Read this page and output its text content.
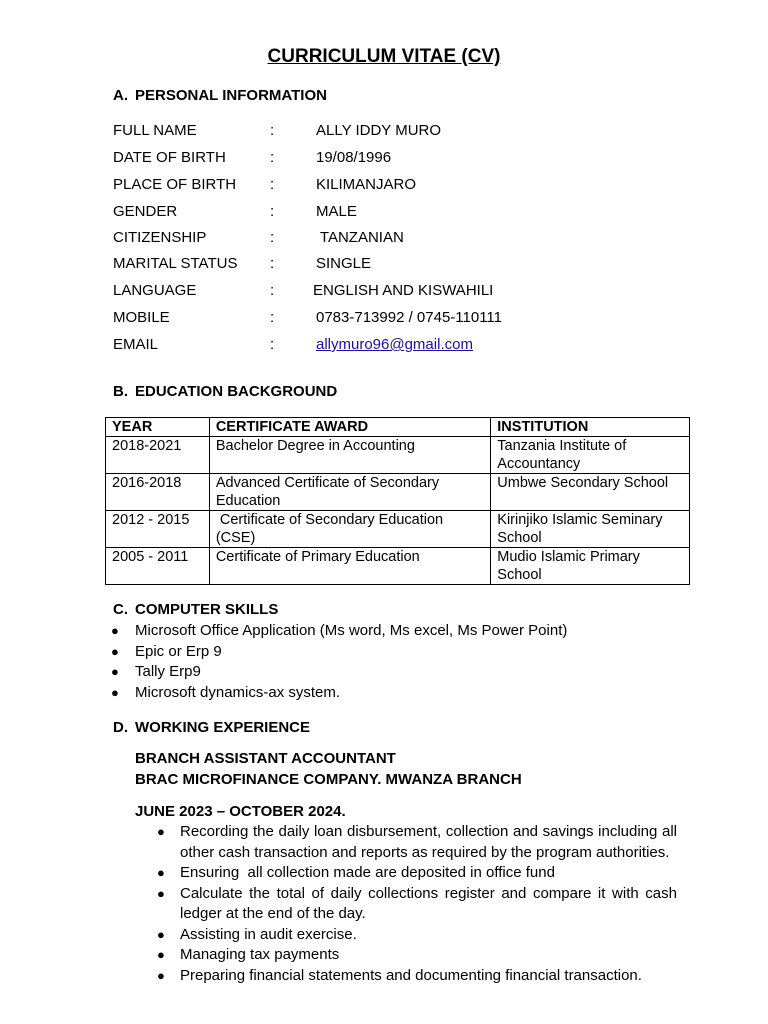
CURRICULUM VITAE (CV)
A. PERSONAL INFORMATION
FULL NAME	:	ALLY IDDY MURO
DATE OF BIRTH	:	19/08/1996
PLACE OF BIRTH	:	KILIMANJARO
GENDER	:	MALE
CITIZENSHIP	:	TANZANIAN
MARITAL STATUS	:	SINGLE
LANGUAGE	:	ENGLISH AND KISWAHILI
MOBILE	:	0783-713992 / 0745-110111
EMAIL	:	allymuro96@gmail.com
B. EDUCATION BACKGROUND
YEAR	CERTIFICATE AWARD	INSTITUTION
2018-2021	Bachelor Degree in Accounting	Tanzania Institute of Accountancy
2016-2018	Advanced Certificate of Secondary Education	Umbwe Secondary School
2012 - 2015	Certificate of Secondary Education (CSE)	Kirinjiko Islamic Seminary School
2005 - 2011	Certificate of Primary Education	Mudio Islamic Primary School
C. COMPUTER SKILLS
● Microsoft Office Application (Ms word, Ms excel, Ms Power Point)
● Epic or Erp 9
● Tally Erp9
● Microsoft dynamics-ax system.
D. WORKING EXPERIENCE
BRANCH ASSISTANT ACCOUNTANT
BRAC MICROFINANCE COMPANY. MWANZA BRANCH
JUNE 2023 – OCTOBER 2024.
● Recording the daily loan disbursement, collection and savings including all other cash transaction and reports as required by the program authorities.
● Ensuring  all collection made are deposited in office fund
● Calculate the total of daily collections register and compare it with cash ledger at the end of the day.
● Assisting in audit exercise.
● Managing tax payments
● Preparing financial statements and documenting financial transaction.
